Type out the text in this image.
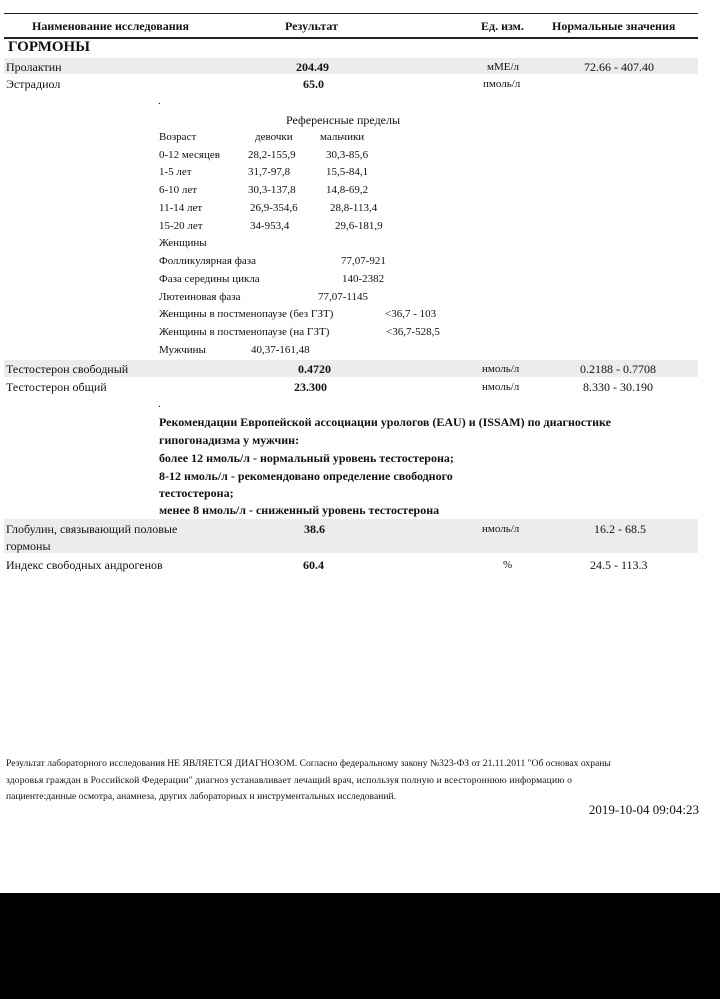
Наименование исследования	Результат	Ед. изм. Нормальные значения
ГОРМОНЫ
Пролактин	204.49	мМЕ/л	72.66 - 407.40
Эстрадиол	65.0	пмоль/л
.
Референсные пределы
Возраст	девочки мальчики
0-12 месяцев	28,2-155,9	30,3-85,6
1-5 лет	31,7-97,8	15,5-84,1
6-10 лет	30,3-137,8	14,8-69,2
11-14 лет	26,9-354,6	28,8-113,4
15-20 лет	34-953,4	29,6-181,9
Женщины
Фолликулярная фаза	77,07-921
Фаза середины цикла	140-2382
Лютеиновая фаза	77,07-1145
Женщины в постменопаузе (без ГЗТ)	<36,7 - 103
Женщины в постменопаузе (на ГЗТ)	<36,7-528,5
Мужчины	40,37-161,48
Тестостерон свободный	0.4720	нмоль/л	0.2188 - 0.7708
Тестостерон общий	23.300	нмоль/л	8.330 - 30.190
.
Рекомендации Европейской ассоциации урологов (EAU) и (ISSAM) по диагностике
гипогонадизма у мужчин:
более 12 нмоль/л - нормальный уровень тестостерона;
8-12 нмоль/л - рекомендовано определение свободного
тестостерона;
менее 8 нмоль/л - сниженный уровень тестостерона
Глобулин, связывающий половые
гормоны
38.6	нмоль/л	16.2 - 68.5
Индекс свободных андрогенов	60.4	%	24.5 - 113.3
Результат лабораторного исследования НЕ ЯВЛЯЕТСЯ ДИАГНОЗОМ. Согласно федеральному закону №323-ФЗ от 21.11.2011 "Об основах охраны
здоровья граждан в Российской Федерации" диагноз устанавливает лечащий врач, используя полную и всестороннюю информацию о
пациенте:данные осмотра, анамнеза, других лабораторных и инструментальных исследований.
2019-10-04 09:04:23
